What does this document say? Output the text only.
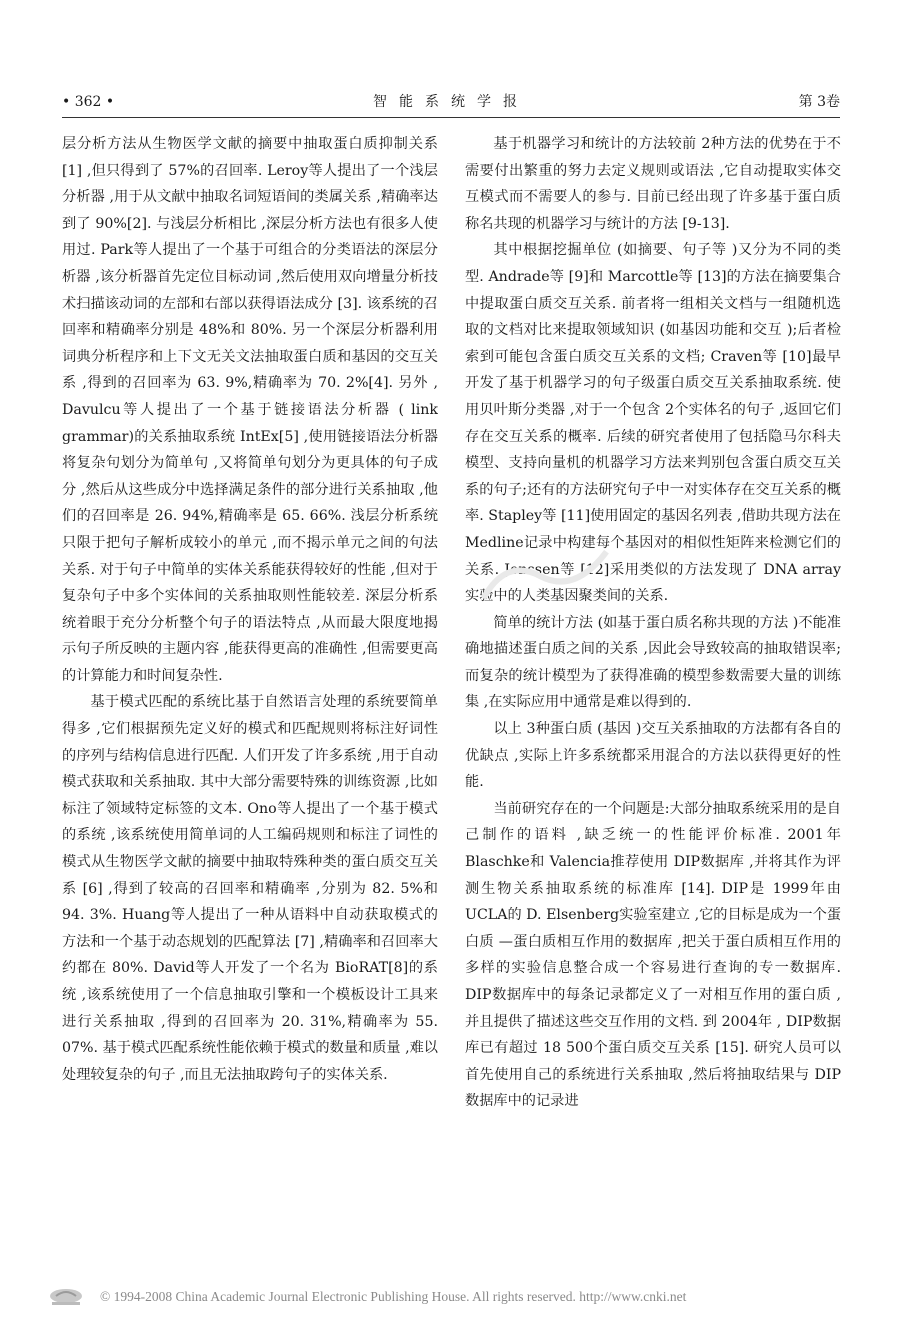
• 362 •	智能系统学报	第 3卷

层分析方法从生物医学文献的摘要中抽取蛋白质抑制关系 [1] ,但只得到了 57%的召回率. Leroy等人提出了一个浅层分析器 ,用于从文献中抽取名词短语间的类属关系 ,精确率达到了 90%[2]. 与浅层分析相比 ,深层分析方法也有很多人使用过. Park等人提出了一个基于可组合的分类语法的深层分析器 ,该分析器首先定位目标动词 ,然后使用双向增量分析技术扫描该动词的左部和右部以获得语法成分 [3]. 该系统的召回率和精确率分别是 48%和 80%. 另一个深层分析器利用词典分析程序和上下文无关文法抽取蛋白质和基因的交互关系 ,得到的召回率为 63. 9%,精确率为 70. 2%[4]. 另外 , Davulcu等人提出了一个基于链接语法分析器 ( link grammar)的关系抽取系统 IntEx[5] ,使用链接语法分析器将复杂句划分为简单句 ,又将简单句划分为更具体的句子成分 ,然后从这些成分中选择满足条件的部分进行关系抽取 ,他们的召回率是 26. 94%,精确率是 65. 66%. 浅层分析系统只限于把句子解析成较小的单元 ,而不揭示单元之间的句法关系. 对于句子中简单的实体关系能获得较好的性能 ,但对于复杂句子中多个实体间的关系抽取则性能较差. 深层分析系统着眼于充分分析整个句子的语法特点 ,从而最大限度地揭示句子所反映的主题内容 ,能获得更高的准确性 ,但需要更高的计算能力和时间复杂性.

基于模式匹配的系统比基于自然语言处理的系统要简单得多 ,它们根据预先定义好的模式和匹配规则将标注好词性的序列与结构信息进行匹配. 人们开发了许多系统 ,用于自动模式获取和关系抽取. 其中大部分需要特殊的训练资源 ,比如标注了领域特定标签的文本. Ono等人提出了一个基于模式的系统 ,该系统使用简单词的人工编码规则和标注了词性的模式从生物医学文献的摘要中抽取特殊种类的蛋白质交互关系 [6] ,得到了较高的召回率和精确率 ,分别为 82. 5%和 94. 3%. Huang等人提出了一种从语料中自动获取模式的方法和一个基于动态规划的匹配算法 [7] ,精确率和召回率大约都在 80%. David等人开发了一个名为 BioRAT[8]的系统 ,该系统使用了一个信息抽取引擎和一个模板设计工具来进行关系抽取 ,得到的召回率为 20. 31%,精确率为 55. 07%. 基于模式匹配系统性能依赖于模式的数量和质量 ,难以处理较复杂的句子 ,而且无法抽取跨句子的实体关系.

基于机器学习和统计的方法较前 2种方法的优势在于不需要付出繁重的努力去定义规则或语法 ,它自动提取实体交互模式而不需要人的参与. 目前已经出现了许多基于蛋白质称名共现的机器学习与统计的方法 [9-13].

其中根据挖掘单位 (如摘要、句子等 )又分为不同的类型. Andrade等 [9]和 Marcottle等 [13]的方法在摘要集合中提取蛋白质交互关系. 前者将一组相关文档与一组随机选取的文档对比来提取领域知识 (如基因功能和交互 );后者检索到可能包含蛋白质交互关系的文档; Craven等 [10]最早开发了基于机器学习的句子级蛋白质交互关系抽取系统. 使用贝叶斯分类器 ,对于一个包含 2个实体名的句子 ,返回它们存在交互关系的概率. 后续的研究者使用了包括隐马尔科夫模型、支持向量机的机器学习方法来判别包含蛋白质交互关系的句子;还有的方法研究句子中一对实体存在交互关系的概率. Stapley等 [11]使用固定的基因名列表 ,借助共现方法在 Medline记录中构建每个基因对的相似性矩阵来检测它们的关系. Jenssen等 [12]采用类似的方法发现了 DNA array实验中的人类基因聚类间的关系.

简单的统计方法 (如基于蛋白质名称共现的方法 )不能准确地描述蛋白质之间的关系 ,因此会导致较高的抽取错误率;而复杂的统计模型为了获得准确的模型参数需要大量的训练集 ,在实际应用中通常是难以得到的.

以上 3种蛋白质 (基因 )交互关系抽取的方法都有各自的优缺点 ,实际上许多系统都采用混合的方法以获得更好的性能.

当前研究存在的一个问题是:大部分抽取系统采用的是自己制作的语料 ,缺乏统一的性能评价标准. 2001年 Blaschke和 Valencia推荐使用 DIP数据库 ,并将其作为评测生物关系抽取系统的标准库 [14]. DIP是 1999年由 UCLA的 D. Elsenberg实验室建立 ,它的目标是成为一个蛋白质 —蛋白质相互作用的数据库 ,把关于蛋白质相互作用的多样的实验信息整合成一个容易进行查询的专一数据库. DIP数据库中的每条记录都定义了一对相互作用的蛋白质 ,并且提供了描述这些交互作用的文档. 到 2004年 , DIP数据库已有超过 18 500个蛋白质交互关系 [15]. 研究人员可以首先使用自己的系统进行关系抽取 ,然后将抽取结果与 DIP数据库中的记录进

© 1994-2008 China Academic Journal Electronic Publishing House. All rights reserved. http://www.cnki.net
